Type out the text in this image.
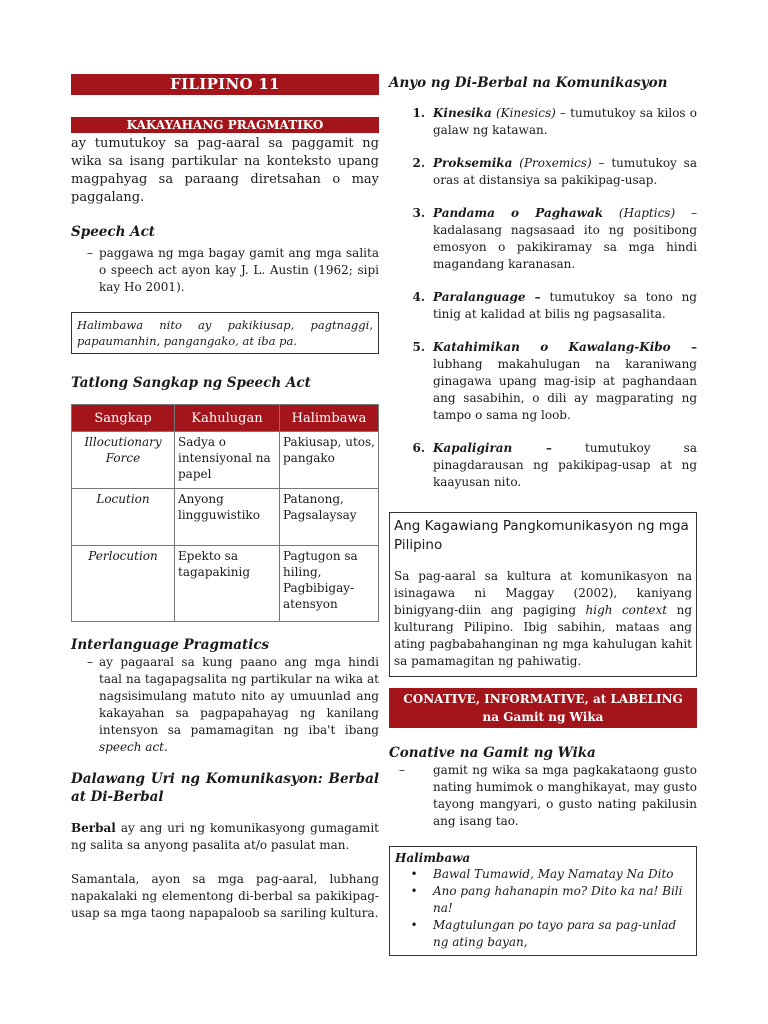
FILIPINO 11
KAKAYAHANG PRAGMATIKO

ay tumutukoy sa pag-aaral sa paggamit ng wika sa isang partikular na konteksto upang magpahyag sa paraang diretsahan o may paggalang.

Speech Act
– paggawa ng mga bagay gamit ang mga salita o speech act ayon kay J. L. Austin (1962; sipi kay Ho 2001).
Halimbawa nito ay pakikiusap, pagtnaggi, papaumanhin, pangangako, at iba pa.
Tatlong Sangkap ng Speech Act
Sangkap	Kahulugan	Halimbawa
Illocutionary Force	Sadya o intensiyonal na papel	Pakiusap, utos, pangako
Locution	Anyong lingguwistiko	Patanong, Pagsalaysay
Perlocution	Epekto sa tagapakinig	Pagtugon sa hiling, Pagbibigay-atensyon
Interlanguage Pragmatics
– ay pagaaral sa kung paano ang mga hindi taal na tagapagsalita ng partikular na wika at nagsisimulang matuto nito ay umuunlad ang kakayahan sa pagpapahayag ng kanilang intensyon sa pamamagitan ng iba't ibang speech act.
Dalawang Uri ng Komunikasyon: Berbal at Di-Berbal

Berbal ay ang uri ng komunikasyong gumagamit ng salita sa anyong pasalita at/o pasulat man.

Samantala, ayon sa mga pag-aaral, lubhang napakalaki ng elementong di-berbal sa pakikipag-usap sa mga taong napapaloob sa sariling kultura.

Anyo ng Di-Berbal na Komunikasyon
1. Kinesika (Kinesics) – tumutukoy sa kilos o galaw ng katawan.
2. Proksemika (Proxemics) – tumutukoy sa oras at distansiya sa pakikipag-usap.
3. Pandama o Paghawak (Haptics) – kadalasang nagsasaad ito ng positibong emosyon o pakikiramay sa mga hindi magandang karanasan.
4. Paralanguage – tumutukoy sa tono ng tinig at kalidad at bilis ng pagsasalita.
5. Katahimikan o Kawalang-Kibo – lubhang makahulugan na karaniwang ginagawa upang mag-isip at paghandaan ang sasabihin, o dili ay magparating ng tampo o sama ng loob.
6. Kapaligiran – tumutukoy sa pinagdarausan ng pakikipag-usap at ng kaayusan nito.
Ang Kagawiang Pangkomunikasyon ng mga Pilipino

Sa pag-aaral sa kultura at komunikasyon na isinagawa ni Maggay (2002), kaniyang binigyang-diin ang pagiging high context ng kulturang Pilipino. Ibig sabihin, mataas ang ating pagbabahanginan ng mga kahulugan kahit sa pamamagitan ng pahiwatig.

CONATIVE, INFORMATIVE, at LABELING na Gamit ng Wika
Conative na Gamit ng Wika
–	gamit ng wika sa mga pagkakataong gusto nating humimok o manghikayat, may gusto tayong mangyari, o gusto nating pakilusin ang isang tao.
Halimbawa
•	Bawal Tumawid, May Namatay Na Dito
•	Ano pang hahanapin mo? Dito ka na! Bili na!
•	Magtulungan po tayo para sa pag-unlad ng ating bayan,
